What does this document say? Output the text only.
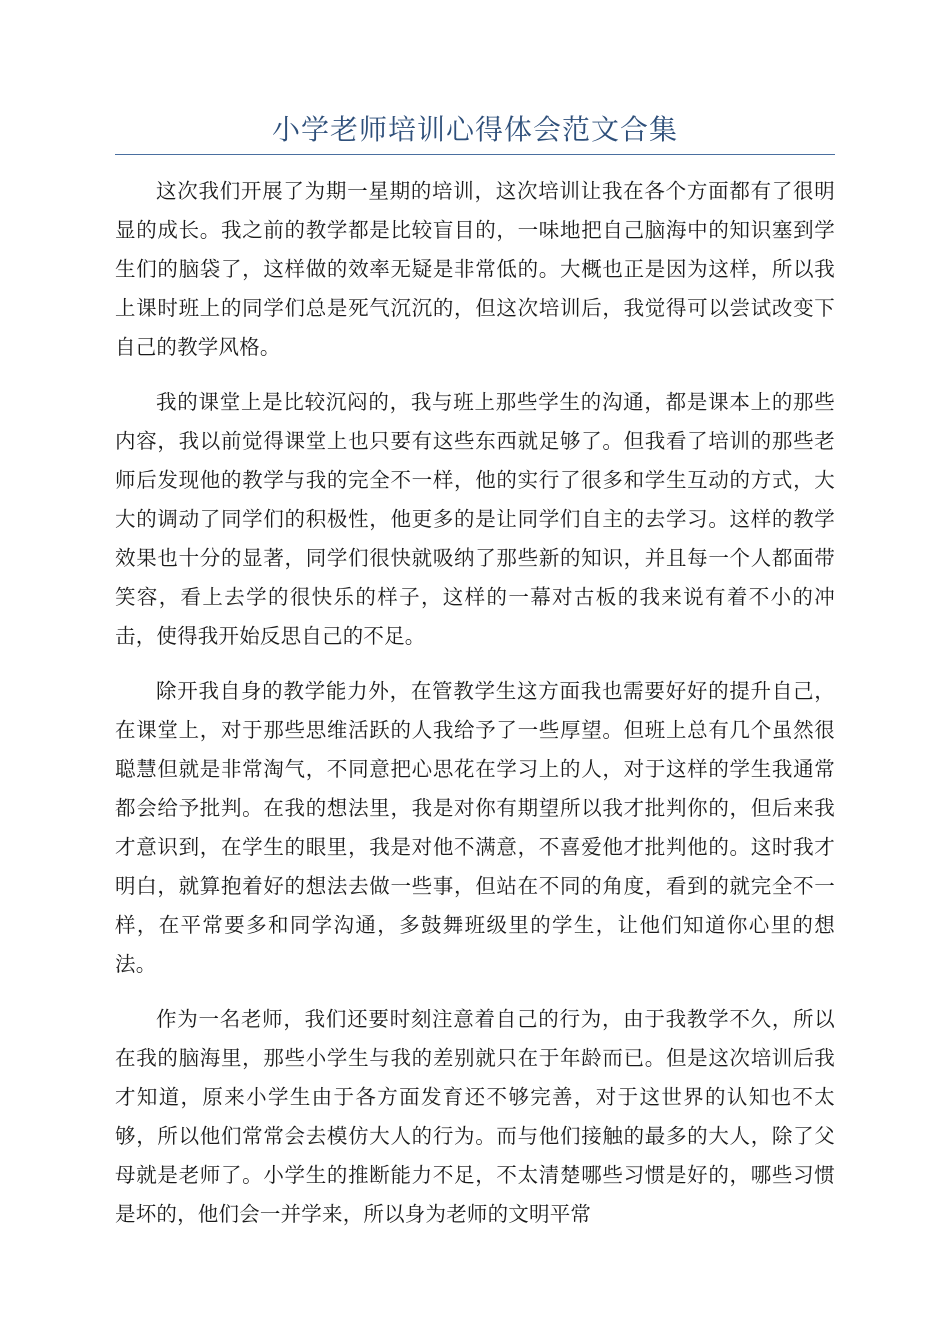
小学老师培训心得体会范文合集

这次我们开展了为期一星期的培训，这次培训让我在各个方面都有了很明显的成长。我之前的教学都是比较盲目的，一味地把自己脑海中的知识塞到学生们的脑袋了，这样做的效率无疑是非常低的。大概也正是因为这样，所以我上课时班上的同学们总是死气沉沉的，但这次培训后，我觉得可以尝试改变下自己的教学风格。

我的课堂上是比较沉闷的，我与班上那些学生的沟通，都是课本上的那些内容，我以前觉得课堂上也只要有这些东西就足够了。但我看了培训的那些老师后发现他的教学与我的完全不一样，他的实行了很多和学生互动的方式，大大的调动了同学们的积极性，他更多的是让同学们自主的去学习。这样的教学效果也十分的显著，同学们很快就吸纳了那些新的知识，并且每一个人都面带笑容，看上去学的很快乐的样子，这样的一幕对古板的我来说有着不小的冲击，使得我开始反思自己的不足。

除开我自身的教学能力外，在管教学生这方面我也需要好好的提升自己，在课堂上，对于那些思维活跃的人我给予了一些厚望。但班上总有几个虽然很聪慧但就是非常淘气，不同意把心思花在学习上的人，对于这样的学生我通常都会给予批判。在我的想法里，我是对你有期望所以我才批判你的，但后来我才意识到，在学生的眼里，我是对他不满意，不喜爱他才批判他的。这时我才明白，就算抱着好的想法去做一些事，但站在不同的角度，看到的就完全不一样，在平常要多和同学沟通，多鼓舞班级里的学生，让他们知道你心里的想法。

作为一名老师，我们还要时刻注意着自己的行为，由于我教学不久，所以在我的脑海里，那些小学生与我的差别就只在于年龄而已。但是这次培训后我才知道，原来小学生由于各方面发育还不够完善，对于这世界的认知也不太够，所以他们常常会去模仿大人的行为。而与他们接触的最多的大人，除了父母就是老师了。小学生的推断能力不足，不太清楚哪些习惯是好的，哪些习惯是坏的，他们会一并学来，所以身为老师的文明平常
